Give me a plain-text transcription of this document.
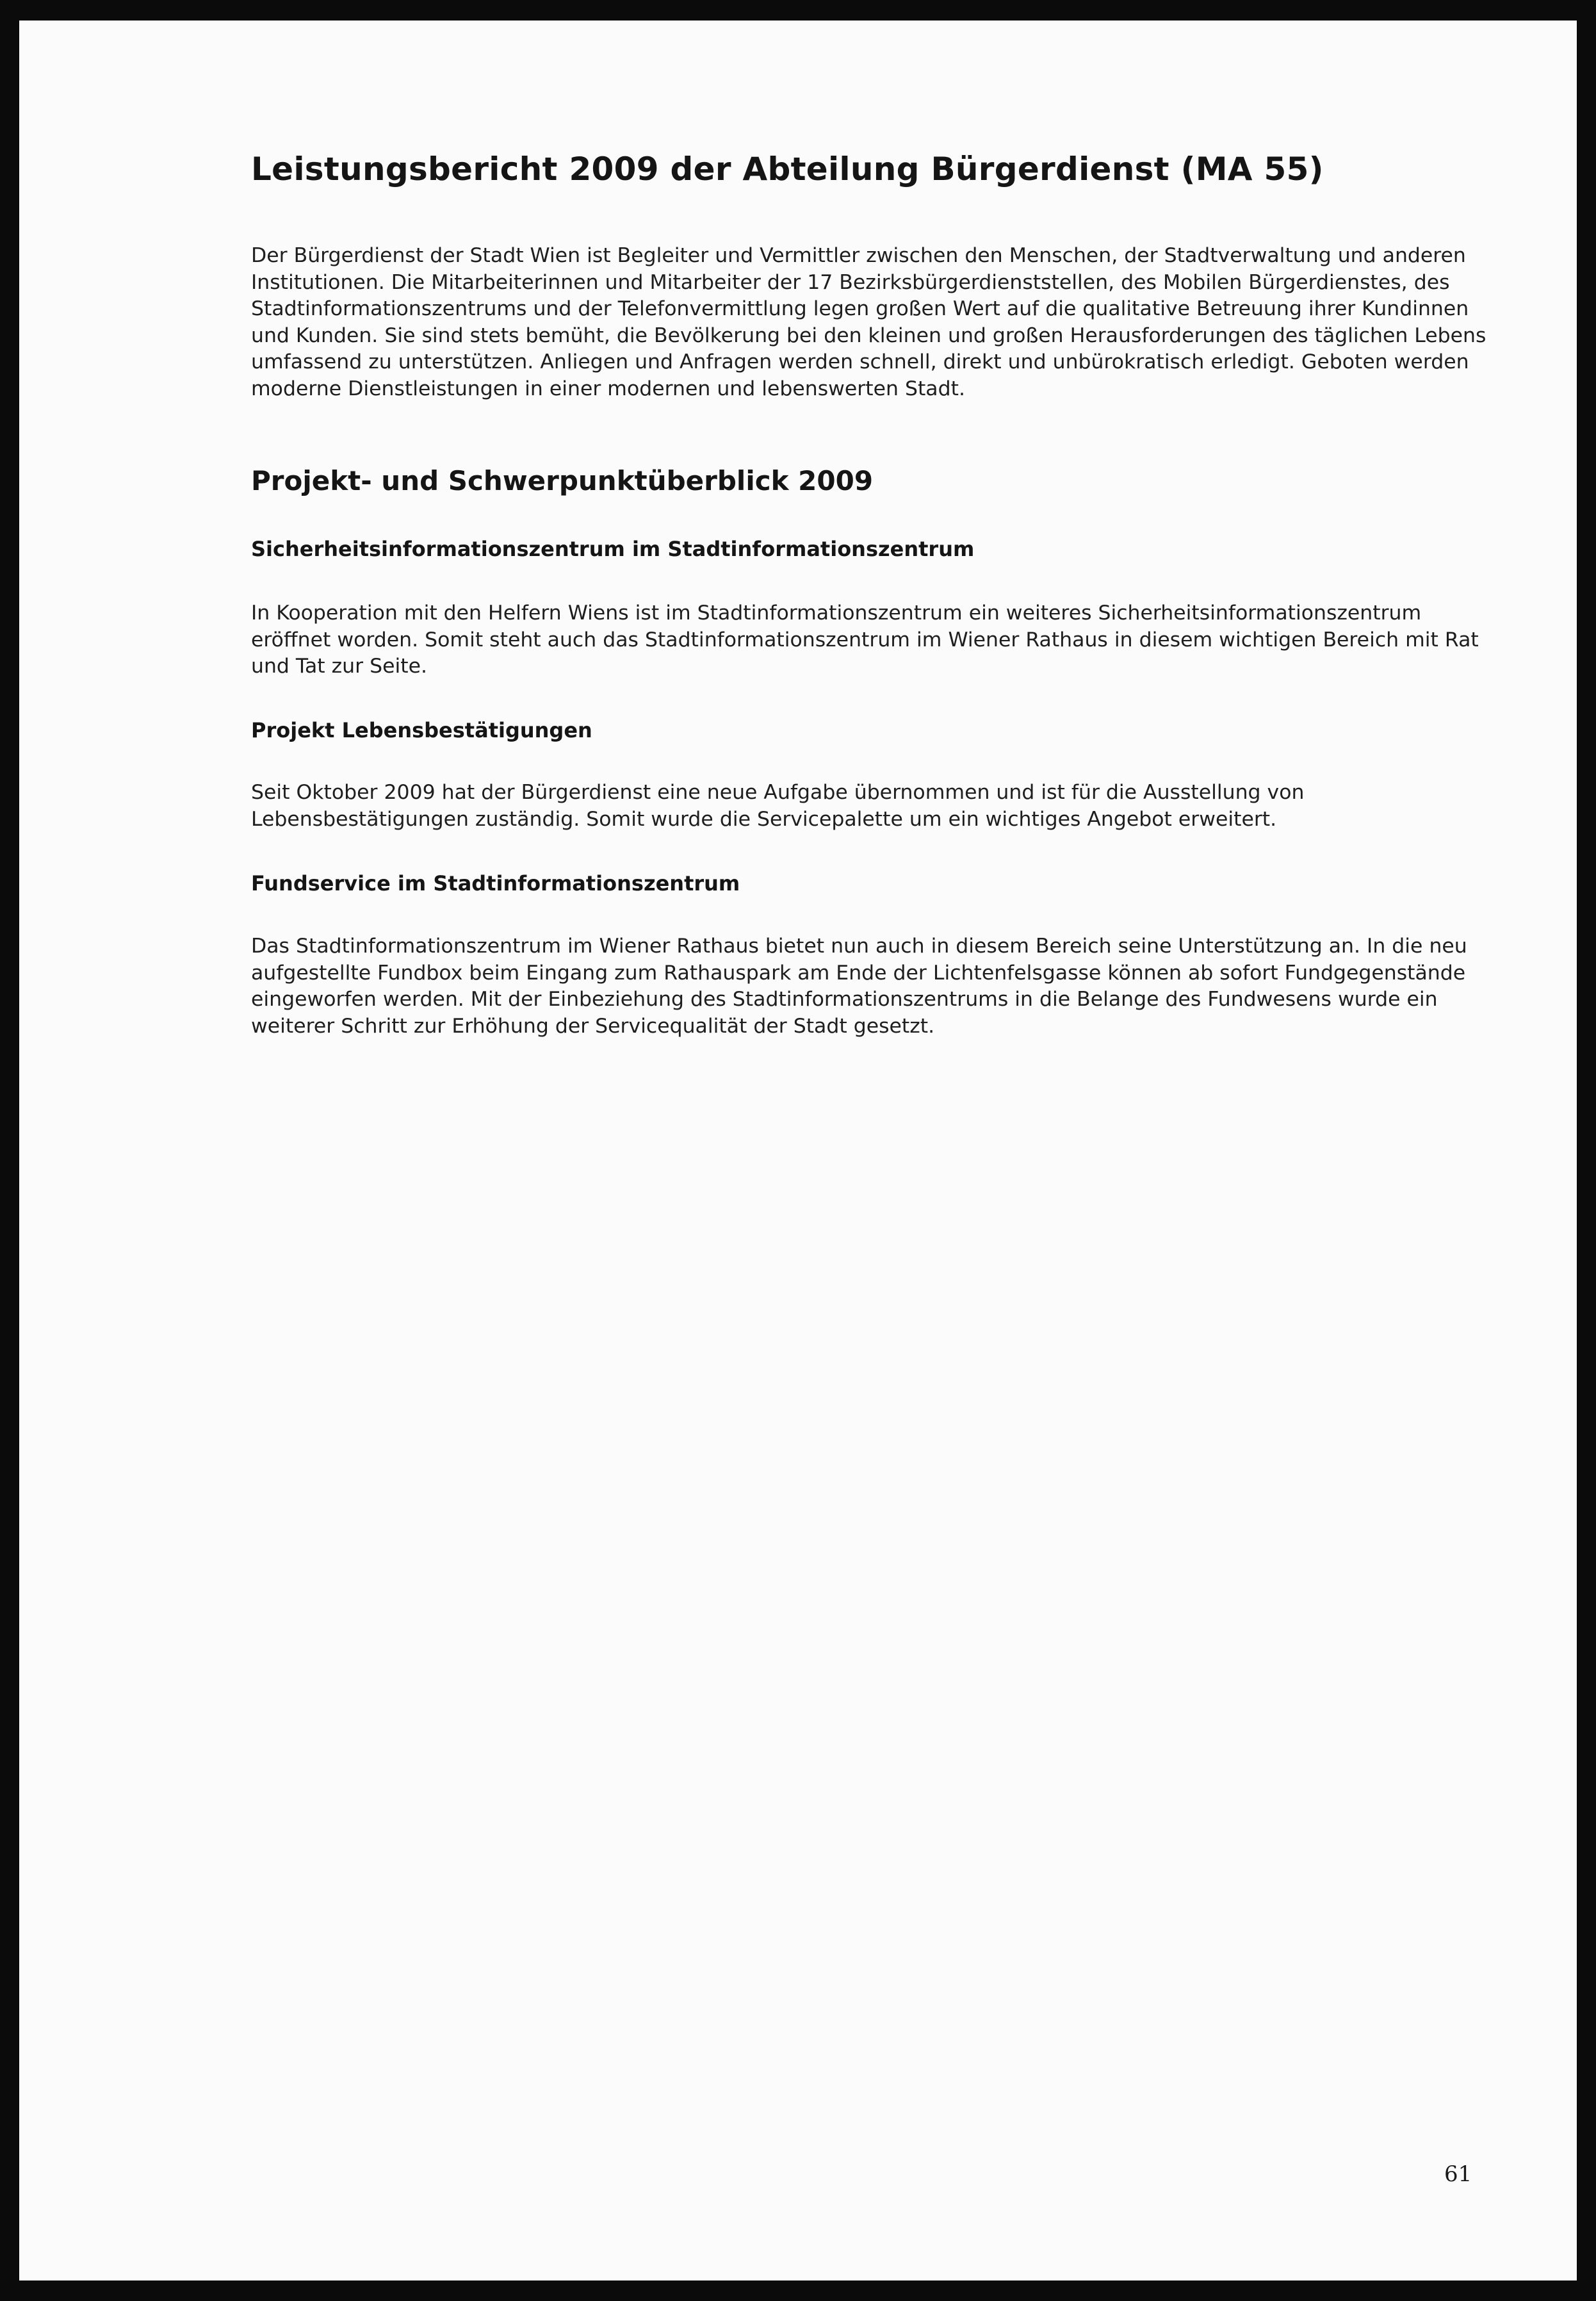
Leistungsbericht 2009 der Abteilung Bürgerdienst (MA 55)

Der Bürgerdienst der Stadt Wien ist Begleiter und Vermittler zwischen den Menschen, der Stadtverwaltung und anderen Institutionen. Die Mitarbeiterinnen und Mitarbeiter der 17 Bezirksbürgerdienststellen, des Mobilen Bürgerdienstes, des Stadtinformationszentrums und der Telefonvermittlung legen großen Wert auf die qualitative Betreuung ihrer Kundinnen und Kunden. Sie sind stets bemüht, die Bevölkerung bei den kleinen und großen Herausforderungen des täglichen Lebens umfassend zu unterstützen. Anliegen und Anfragen werden schnell, direkt und unbürokratisch erledigt. Geboten werden moderne Dienstleistungen in einer modernen und lebenswerten Stadt.

Projekt- und Schwerpunktüberblick 2009
Sicherheitsinformationszentrum im Stadtinformationszentrum

In Kooperation mit den Helfern Wiens ist im Stadtinformationszentrum ein weiteres Sicherheitsinformationszentrum eröffnet worden. Somit steht auch das Stadtinformationszentrum im Wiener Rathaus in diesem wichtigen Bereich mit Rat und Tat zur Seite.

Projekt Lebensbestätigungen

Seit Oktober 2009 hat der Bürgerdienst eine neue Aufgabe übernommen und ist für die Ausstellung von Lebensbestätigungen zuständig. Somit wurde die Servicepalette um ein wichtiges Angebot erweitert.

Fundservice im Stadtinformationszentrum

Das Stadtinformationszentrum im Wiener Rathaus bietet nun auch in diesem Bereich seine Unterstützung an. In die neu aufgestellte Fundbox beim Eingang zum Rathauspark am Ende der Lichtenfelsgasse können ab sofort Fundgegenstände eingeworfen werden. Mit der Einbeziehung des Stadtinformationszentrums in die Belange des Fundwesens wurde ein weiterer Schritt zur Erhöhung der Servicequalität der Stadt gesetzt.

61
